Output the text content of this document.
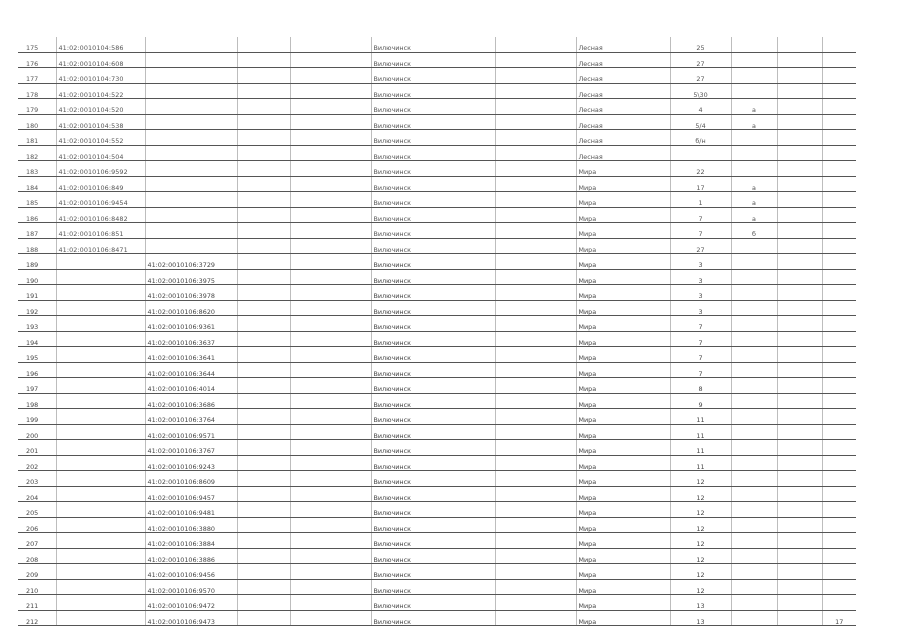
175	41:02:0010104:586				Вилючинск		Лесная	25			
176	41:02:0010104:608				Вилючинск		Лесная	27			
177	41:02:0010104:730				Вилючинск		Лесная	27			
178	41:02:0010104:522				Вилючинск		Лесная	5\30			
179	41:02:0010104:520				Вилючинск		Лесная	4	а		
180	41:02:0010104:538				Вилючинск		Лесная	5/4	а		
181	41:02:0010104:552				Вилючинск		Лесная	б/н			
182	41:02:0010104:504				Вилючинск		Лесная				
183	41:02:0010106:9592				Вилючинск		Мира	22			
184	41:02:0010106:849				Вилючинск		Мира	17	а		
185	41:02:0010106:9454				Вилючинск		Мира	1	а		
186	41:02:0010106:8482				Вилючинск		Мира	7	а		
187	41:02:0010106:851				Вилючинск		Мира	7	б		
188	41:02:0010106:8471				Вилючинск		Мира	27			
189		41:02:0010106:3729			Вилючинск		Мира	3			
190		41:02:0010106:3975			Вилючинск		Мира	3			
191		41:02:0010106:3978			Вилючинск		Мира	3			
192		41:02:0010106:8620			Вилючинск		Мира	3			
193		41:02:0010106:9361			Вилючинск		Мира	7			
194		41:02:0010106:3637			Вилючинск		Мира	7			
195		41:02:0010106:3641			Вилючинск		Мира	7			
196		41:02:0010106:3644			Вилючинск		Мира	7			
197		41:02:0010106:4014			Вилючинск		Мира	8			
198		41:02:0010106:3686			Вилючинск		Мира	9			
199		41:02:0010106:3764			Вилючинск		Мира	11			
200		41:02:0010106:9571			Вилючинск		Мира	11			
201		41:02:0010106:3767			Вилючинск		Мира	11			
202		41:02:0010106:9243			Вилючинск		Мира	11			
203		41:02:0010106:8609			Вилючинск		Мира	12			
204		41:02:0010106:9457			Вилючинск		Мира	12			
205		41:02:0010106:9481			Вилючинск		Мира	12			
206		41:02:0010106:3880			Вилючинск		Мира	12			
207		41:02:0010106:3884			Вилючинск		Мира	12			
208		41:02:0010106:3886			Вилючинск		Мира	12			
209		41:02:0010106:9456			Вилючинск		Мира	12			
210		41:02:0010106:9570			Вилючинск		Мира	12			
211		41:02:0010106:9472			Вилючинск		Мира	13			
212		41:02:0010106:9473			Вилючинск		Мира	13			17
